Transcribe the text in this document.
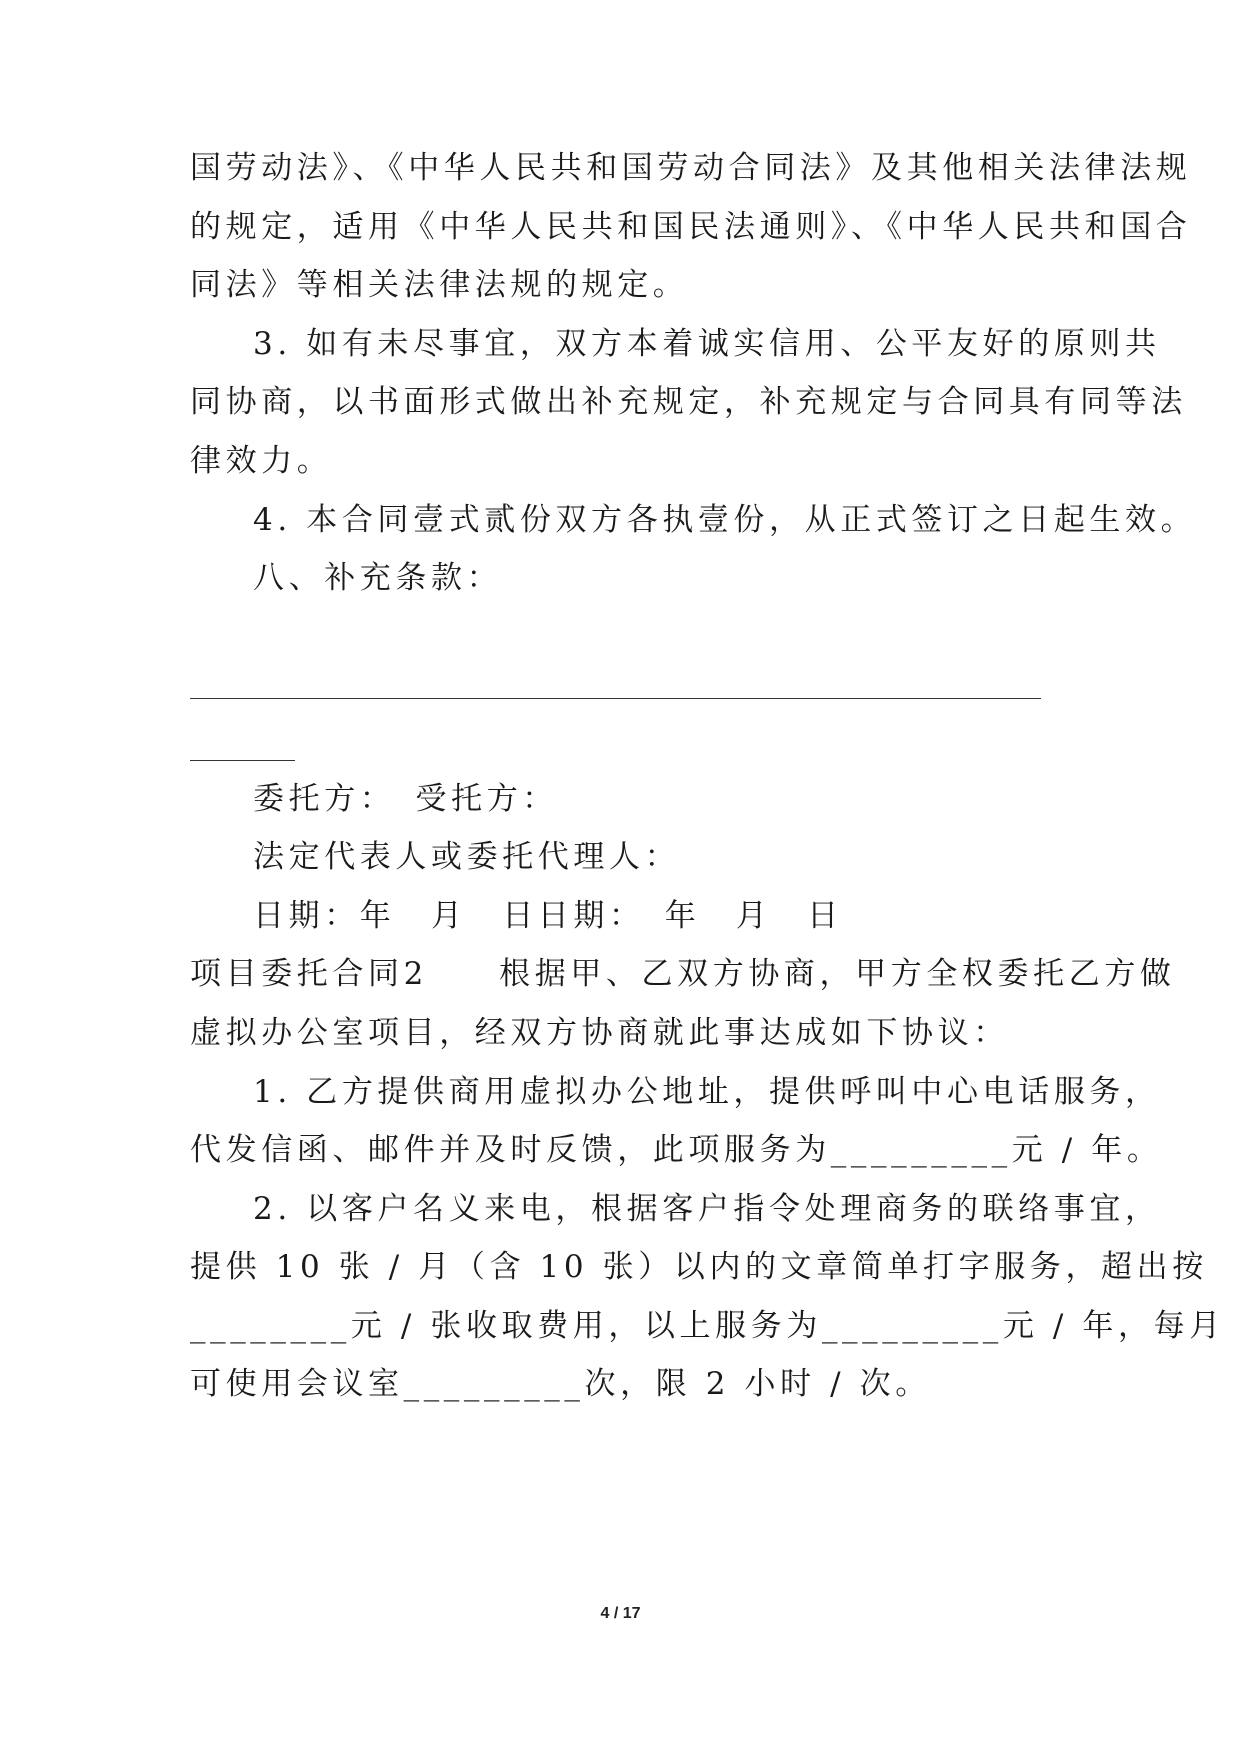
国劳动法》、《中华人民共和国劳动合同法》及其他相关法律法规
的规定，适用《中华人民共和国民法通则》、《中华人民共和国合
同法》等相关法律法规的规定。
3. 如有未尽事宜，双方本着诚实信用、公平友好的原则共
同协商，以书面形式做出补充规定，补充规定与合同具有同等法
律效力。
4. 本合同壹式贰份双方各执壹份，从正式签订之日起生效。
八、补充条款：
委托方：　受托方：
法定代表人或委托代理人：
日期：年　月　日日期：　年　月　日
项目委托合同2　　根据甲、乙双方协商，甲方全权委托乙方做
虚拟办公室项目，经双方协商就此事达成如下协议：
1. 乙方提供商用虚拟办公地址，提供呼叫中心电话服务，
代发信函、邮件并及时反馈，此项服务为_________元 / 年。
2. 以客户名义来电，根据客户指令处理商务的联络事宜，
提供 10 张 / 月（含 10 张）以内的文章简单打字服务，超出按
________元 / 张收取费用，以上服务为_________元 / 年，每月
可使用会议室_________次，限 2 小时 / 次。
4 / 17
